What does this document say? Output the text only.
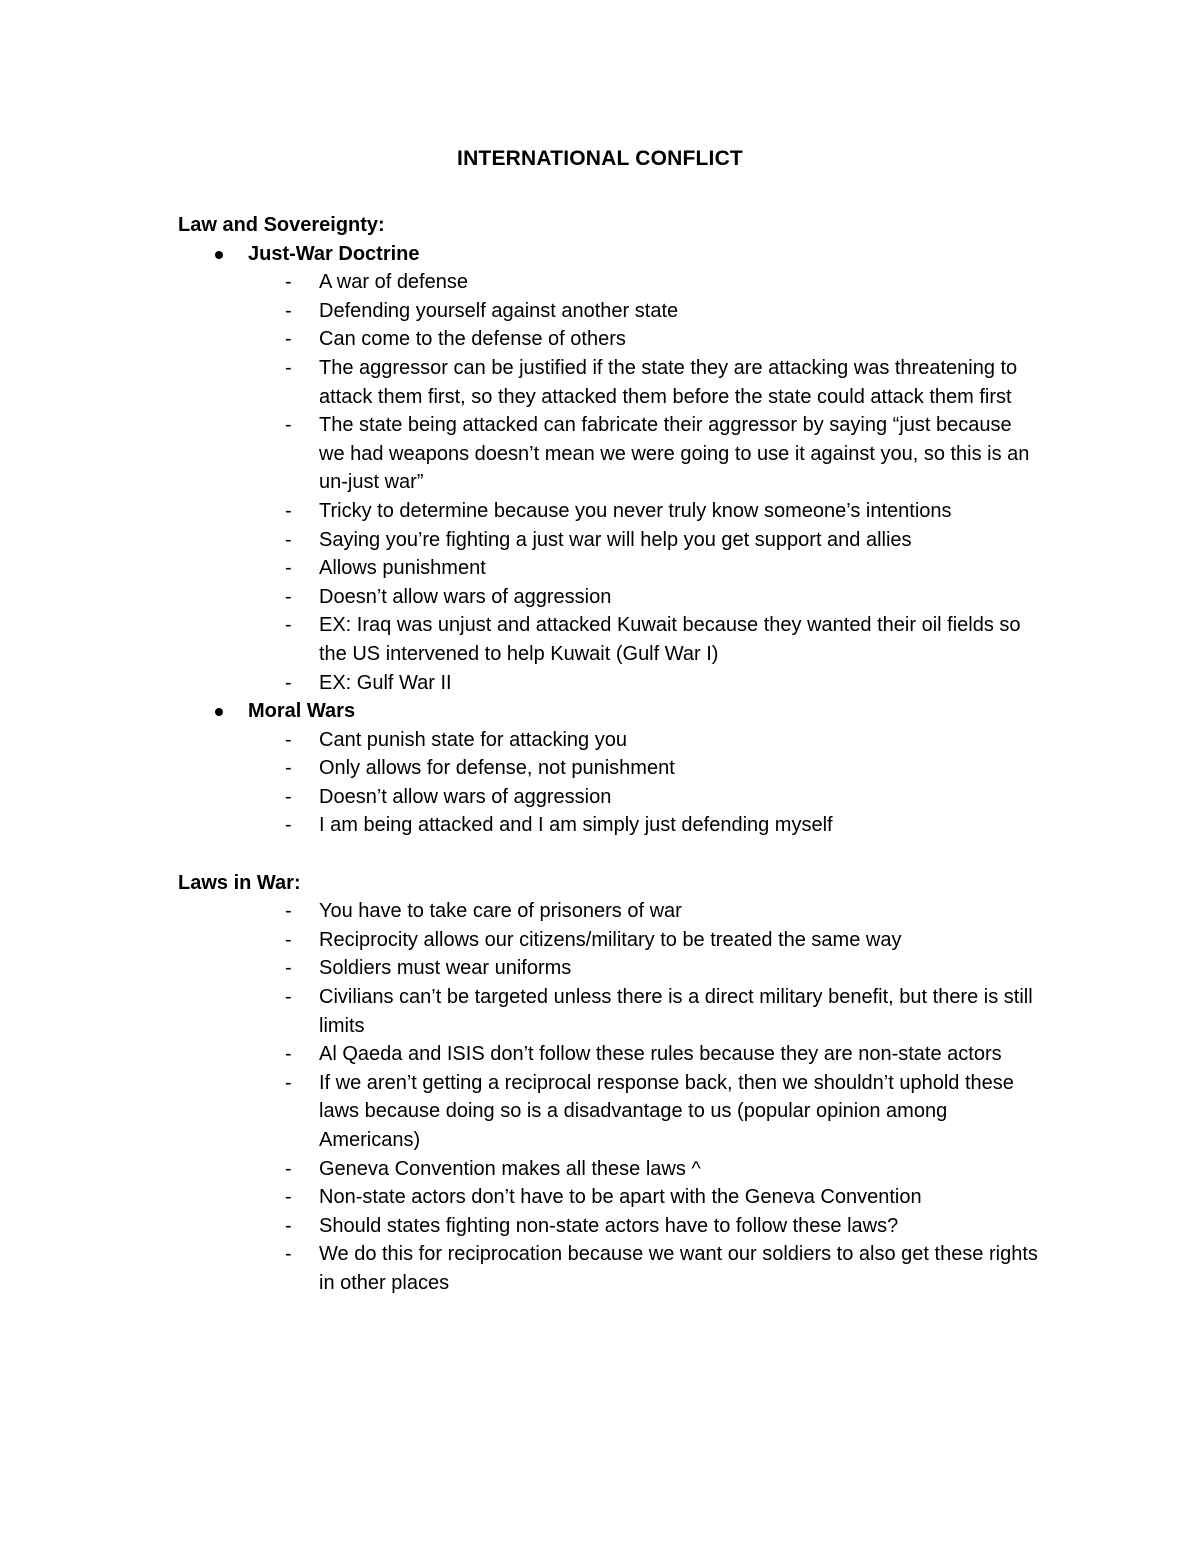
INTERNATIONAL CONFLICT
Law and Sovereignty:
Just-War Doctrine
- A war of defense
- Defending yourself against another state
- Can come to the defense of others
- The aggressor can be justified if the state they are attacking was threatening to attack them first, so they attacked them before the state could attack them first
- The state being attacked can fabricate their aggressor by saying “just because we had weapons doesn’t mean we were going to use it against you, so this is an un-just war”
- Tricky to determine because you never truly know someone’s intentions
- Saying you’re fighting a just war will help you get support and allies
- Allows punishment
- Doesn’t allow wars of aggression
- EX: Iraq was unjust and attacked Kuwait because they wanted their oil fields so the US intervened to help Kuwait (Gulf War I)
- EX: Gulf War II
Moral Wars
- Cant punish state for attacking you
- Only allows for defense, not punishment
- Doesn’t allow wars of aggression
- I am being attacked and I am simply just defending myself
Laws in War:
- You have to take care of prisoners of war
- Reciprocity allows our citizens/military to be treated the same way
- Soldiers must wear uniforms
- Civilians can’t be targeted unless there is a direct military benefit, but there is still limits
- Al Qaeda and ISIS don’t follow these rules because they are non-state actors
- If we aren’t getting a reciprocal response back, then we shouldn’t uphold these laws because doing so is a disadvantage to us (popular opinion among Americans)
- Geneva Convention makes all these laws ^
- Non-state actors don’t have to be apart with the Geneva Convention
- Should states fighting non-state actors have to follow these laws?
- We do this for reciprocation because we want our soldiers to also get these rights in other places
